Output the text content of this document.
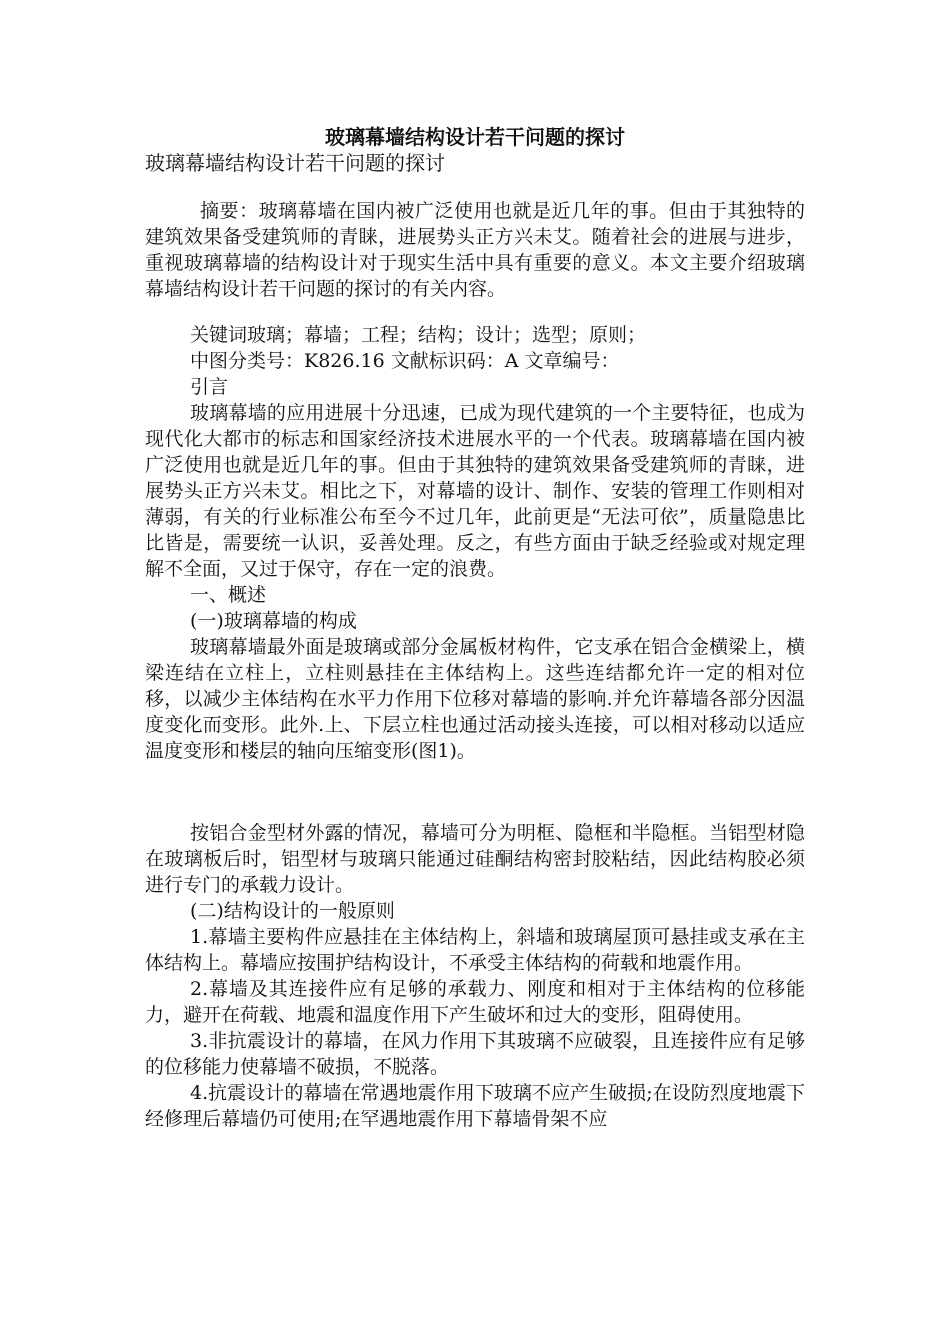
玻璃幕墙结构设计若干问题的探讨

玻璃幕墙结构设计若干问题的探讨

摘要：玻璃幕墙在国内被广泛使用也就是近几年的事。但由于其独特的建筑效果备受建筑师的青睐，进展势头正方兴未艾。随着社会的进展与进步，重视玻璃幕墙的结构设计对于现实生活中具有重要的意义。本文主要介绍玻璃幕墙结构设计若干问题的探讨的有关内容。

关键词玻璃；幕墙；工程；结构；设计；选型；原则；

中图分类号：K826.16 文献标识码：A 文章编号：

引言

玻璃幕墙的应用进展十分迅速，已成为现代建筑的一个主要特征，也成为现代化大都市的标志和国家经济技术进展水平的一个代表。玻璃幕墙在国内被广泛使用也就是近几年的事。但由于其独特的建筑效果备受建筑师的青睐，进展势头正方兴未艾。相比之下，对幕墙的设计、制作、安装的管理工作则相对薄弱，有关的行业标准公布至今不过几年，此前更是“无法可依”，质量隐患比比皆是，需要统一认识，妥善处理。反之，有些方面由于缺乏经验或对规定理解不全面，又过于保守，存在一定的浪费。

一、概述

(一)玻璃幕墙的构成

玻璃幕墙最外面是玻璃或部分金属板材构件，它支承在铝合金横梁上，横梁连结在立柱上，立柱则悬挂在主体结构上。这些连结都允许一定的相对位移，以减少主体结构在水平力作用下位移对幕墙的影响.并允许幕墙各部分因温度变化而变形。此外.上、下层立柱也通过活动接头连接，可以相对移动以适应温度变形和楼层的轴向压缩变形(图1)。

按铝合金型材外露的情况，幕墙可分为明框、隐框和半隐框。当铝型材隐在玻璃板后时，铝型材与玻璃只能通过硅酮结构密封胶粘结，因此结构胶必须进行专门的承载力设计。

(二)结构设计的一般原则

1.幕墙主要构件应悬挂在主体结构上，斜墙和玻璃屋顶可悬挂或支承在主体结构上。幕墙应按围护结构设计，不承受主体结构的荷载和地震作用。

2.幕墙及其连接件应有足够的承载力、刚度和相对于主体结构的位移能力，避开在荷载、地震和温度作用下产生破坏和过大的变形，阻碍使用。

3.非抗震设计的幕墙，在风力作用下其玻璃不应破裂，且连接件应有足够的位移能力使幕墙不破损，不脱落。

4.抗震设计的幕墙在常遇地震作用下玻璃不应产生破损;在设防烈度地震下经修理后幕墙仍可使用;在罕遇地震作用下幕墙骨架不应
